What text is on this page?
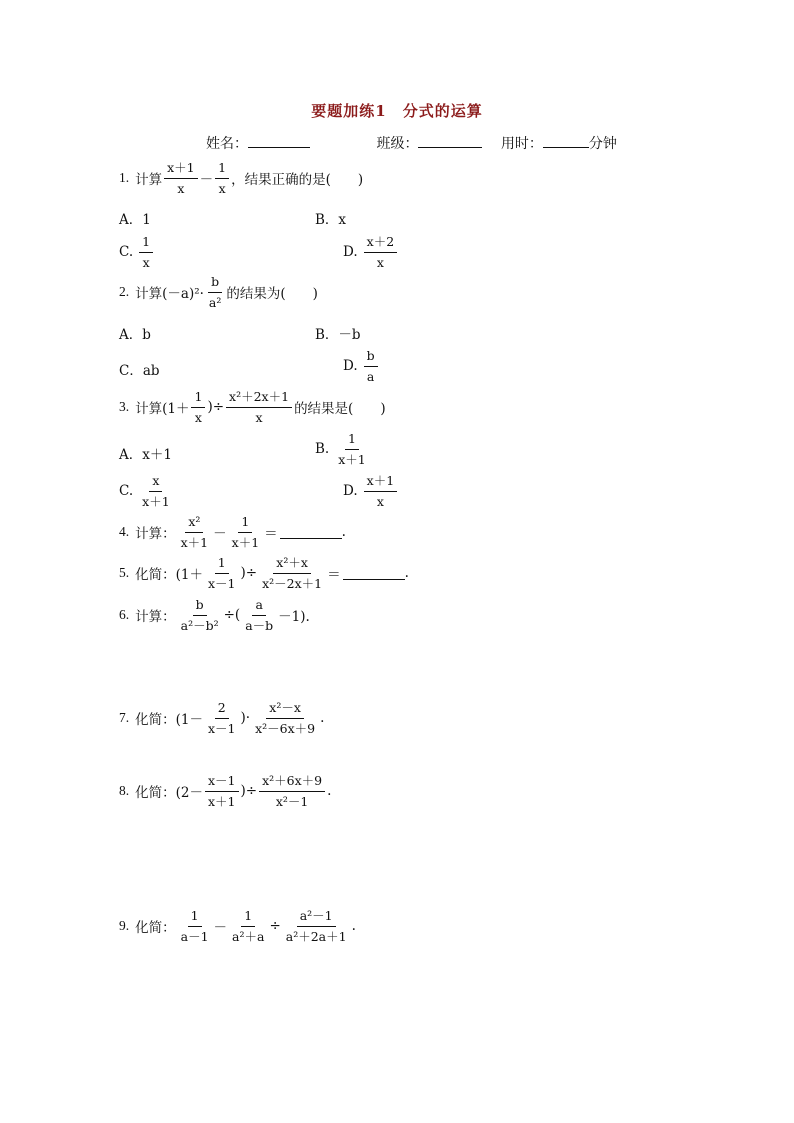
要题加练1　分式的运算
姓名：	班级：	用时：	分钟
1. 计算 $\frac{x+1}{x} - \frac{1}{x}$ ，结果正确的是(　　)
A．1	B．x
C. $\frac{1}{x}$	D. $\frac{x+2}{x}$
2. 计算$(-a)^2\cdot \frac{b}{\text{a²}}$ 的结果为(　　)
A．b	B．－b
C．ab	D. $\frac{b}{a}$
3. 计算($1+ \frac{1}{x}$ )÷ $\frac{\text{x²＋2x＋1}}{x}$ 的结果是(　　)
A．x＋1	B. $\frac{1}{x+1}$
C. $\frac{x}{x+1}$	D. $\frac{x+1}{x}$
4. 计算： $\frac{\text{x²}}{x+1} - \frac{1}{x+1}$ ＝	.
5. 化简：($1+ \frac{1}{x-1}$ )÷ $\frac{\text{x²＋x}}{\text{x²－2x＋1}}$ ＝	.
6. 计算： $\frac{b}{\text{a²－b²}}$ ÷( $\frac{a}{a-b} -1$).
7. 化简：($1- \frac{2}{x-1}$ )· $\frac{\text{x²－x}}{\text{x²－6x＋9}}$ .
8. 化简：($2- \frac{x-1}{x+1}$ )÷ $\frac{\text{x²＋6x＋9}}{\text{x²－1}}$ .
9. 化简： $\frac{1}{a-1} - \frac{1}{\text{a²＋a}} \div \frac{\text{a²－1}}{\text{a²＋2a＋1}}$ .
